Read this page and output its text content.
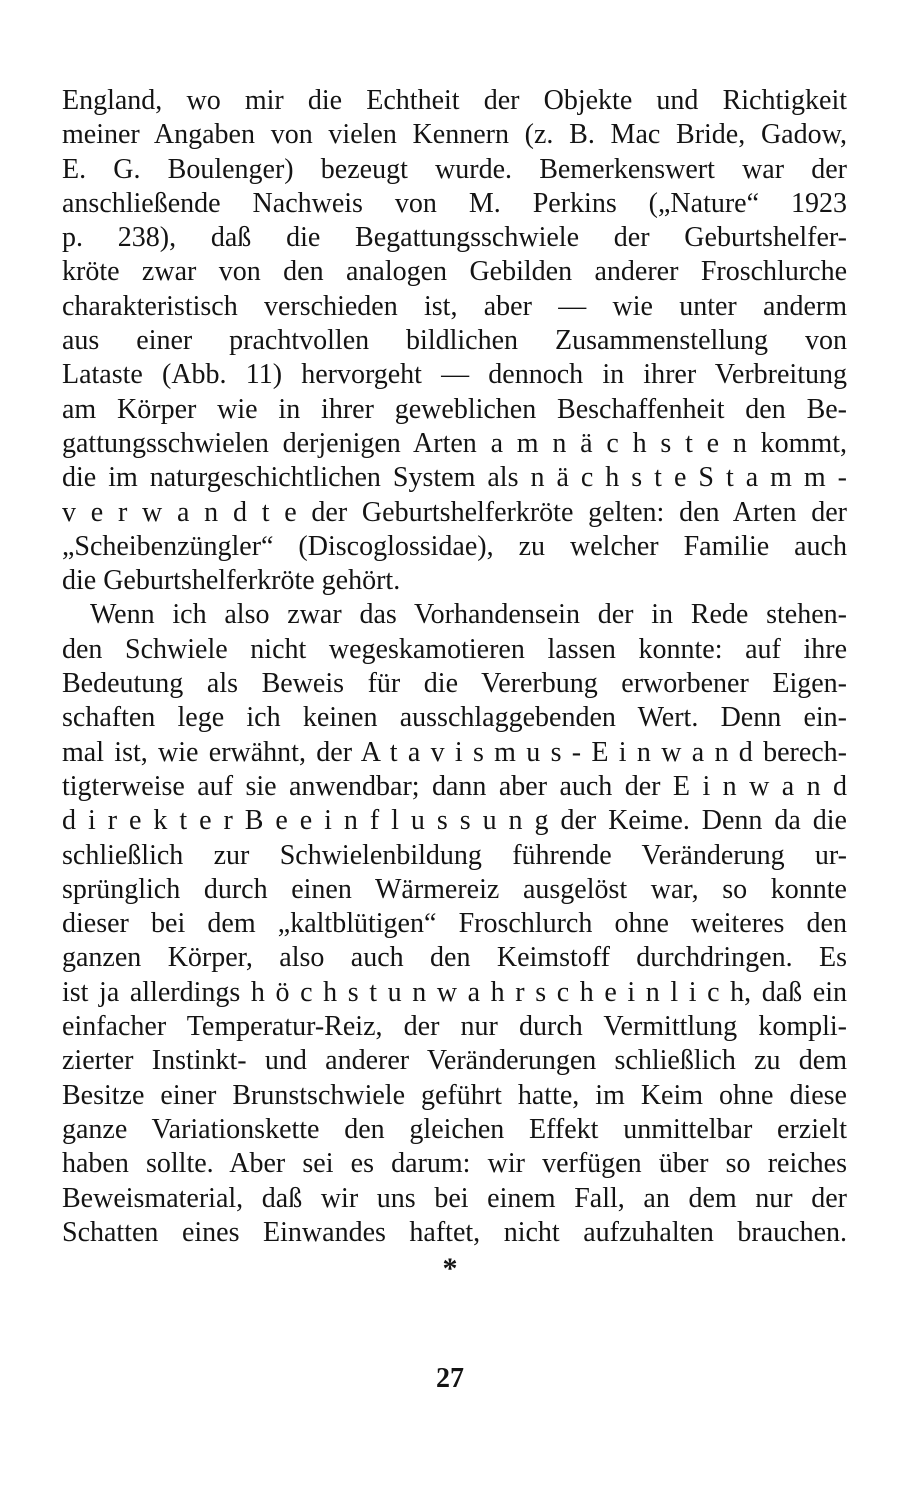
England, wo mir die Echtheit der Objekte und Richtigkeit
meiner Angaben von vielen Kennern (z. B. Mac Bride, Gadow,
E. G. Boulenger) bezeugt wurde. Bemerkenswert war der
anschließende Nachweis von M. Perkins („Nature“ 1923
p. 238), daß die Begattungsschwiele der Geburtshelfer-
kröte zwar von den analogen Gebilden anderer Froschlurche
charakteristisch verschieden ist, aber — wie unter anderm
aus einer prachtvollen bildlichen Zusammenstellung von
Lataste (Abb. 11) hervorgeht — dennoch in ihrer Verbreitung
am Körper wie in ihrer geweblichen Beschaffenheit den Be-
gattungsschwielen derjenigen Arten a m n ä c h s t e n kommt,
die im naturgeschichtlichen System als n ä c h s t e S t a m m -
v e r w a n d t e der Geburtshelferkröte gelten: den Arten der
„Scheibenzüngler“ (Discoglossidae), zu welcher Familie auch
die Geburtshelferkröte gehört.
Wenn ich also zwar das Vorhandensein der in Rede stehen-
den Schwiele nicht wegeskamotieren lassen konnte: auf ihre
Bedeutung als Beweis für die Vererbung erworbener Eigen-
schaften lege ich keinen ausschlaggebenden Wert. Denn ein-
mal ist, wie erwähnt, der A t a v i s m u s - E i n w a n d berech-
tigterweise auf sie anwendbar; dann aber auch der E i n w a n d
d i r e k t e r B e e i n f l u s s u n g der Keime. Denn da die
schließlich zur Schwielenbildung führende Veränderung ur-
sprünglich durch einen Wärmereiz ausgelöst war, so konnte
dieser bei dem „kaltblütigen“ Froschlurch ohne weiteres den
ganzen Körper, also auch den Keimstoff durchdringen. Es
ist ja allerdings h ö c h s t u n w a h r s c h e i n l i c h, daß ein
einfacher Temperatur-Reiz, der nur durch Vermittlung kompli-
zierter Instinkt- und anderer Veränderungen schließlich zu dem
Besitze einer Brunstschwiele geführt hatte, im Keim ohne diese
ganze Variationskette den gleichen Effekt unmittelbar erzielt
haben sollte. Aber sei es darum: wir verfügen über so reiches
Beweismaterial, daß wir uns bei einem Fall, an dem nur der
Schatten eines Einwandes haftet, nicht aufzuhalten brauchen.
*
27
